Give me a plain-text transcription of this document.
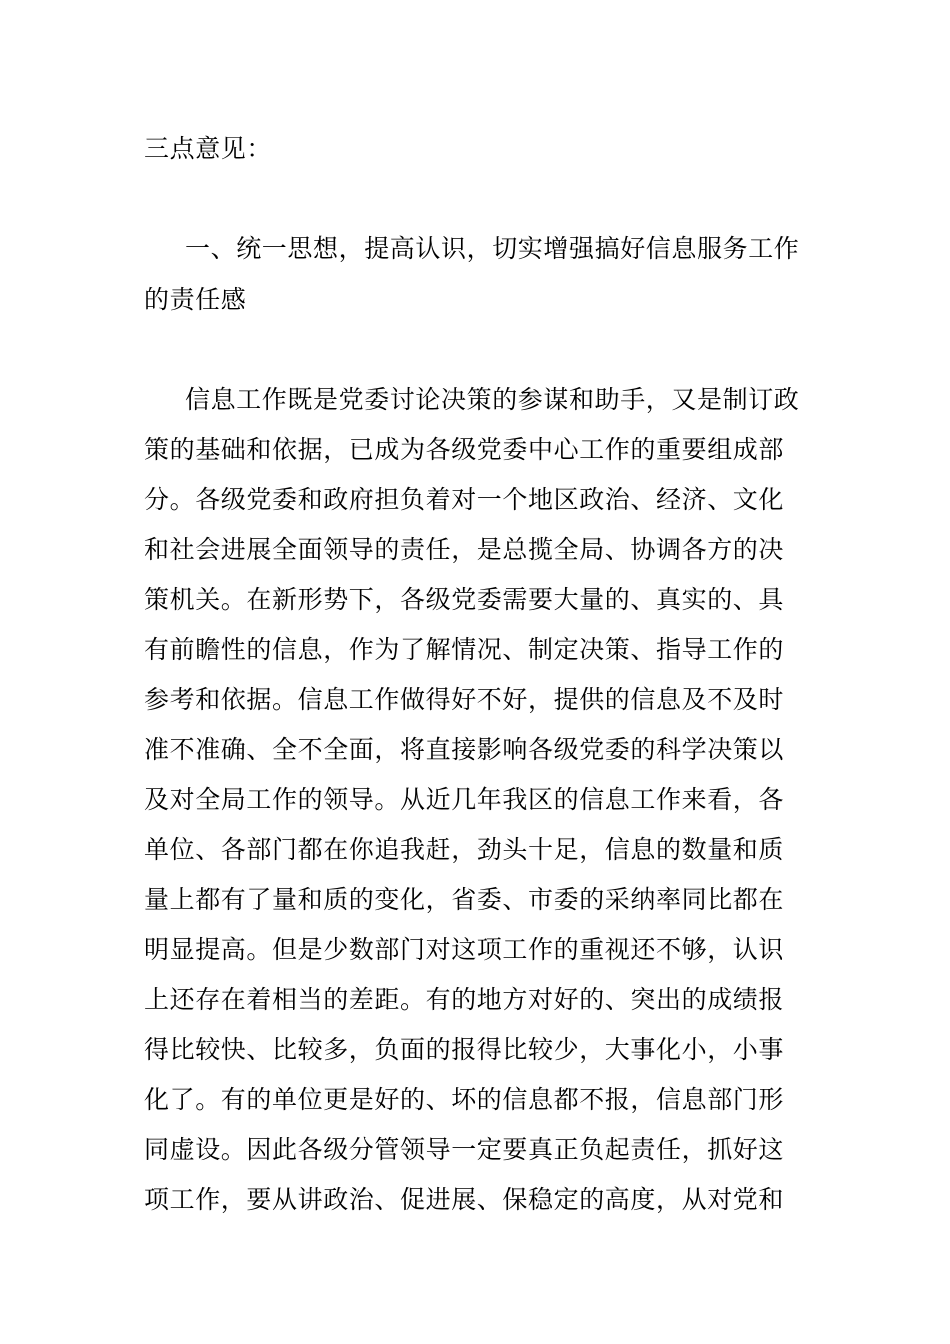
三点意见：
一、统一思想，提高认识，切实增强搞好信息服务工作
的责任感
信息工作既是党委讨论决策的参谋和助手，又是制订政
策的基础和依据，已成为各级党委中心工作的重要组成部
分。各级党委和政府担负着对一个地区政治、经济、文化
和社会进展全面领导的责任，是总揽全局、协调各方的决
策机关。在新形势下，各级党委需要大量的、真实的、具
有前瞻性的信息，作为了解情况、制定决策、指导工作的
参考和依据。信息工作做得好不好，提供的信息及不及时
准不准确、全不全面，将直接影响各级党委的科学决策以
及对全局工作的领导。从近几年我区的信息工作来看，各
单位、各部门都在你追我赶，劲头十足，信息的数量和质
量上都有了量和质的变化，省委、市委的采纳率同比都在
明显提高。但是少数部门对这项工作的重视还不够，认识
上还存在着相当的差距。有的地方对好的、突出的成绩报
得比较快、比较多，负面的报得比较少，大事化小，小事
化了。有的单位更是好的、坏的信息都不报，信息部门形
同虚设。因此各级分管领导一定要真正负起责任，抓好这
项工作，要从讲政治、促进展、保稳定的高度，从对党和
